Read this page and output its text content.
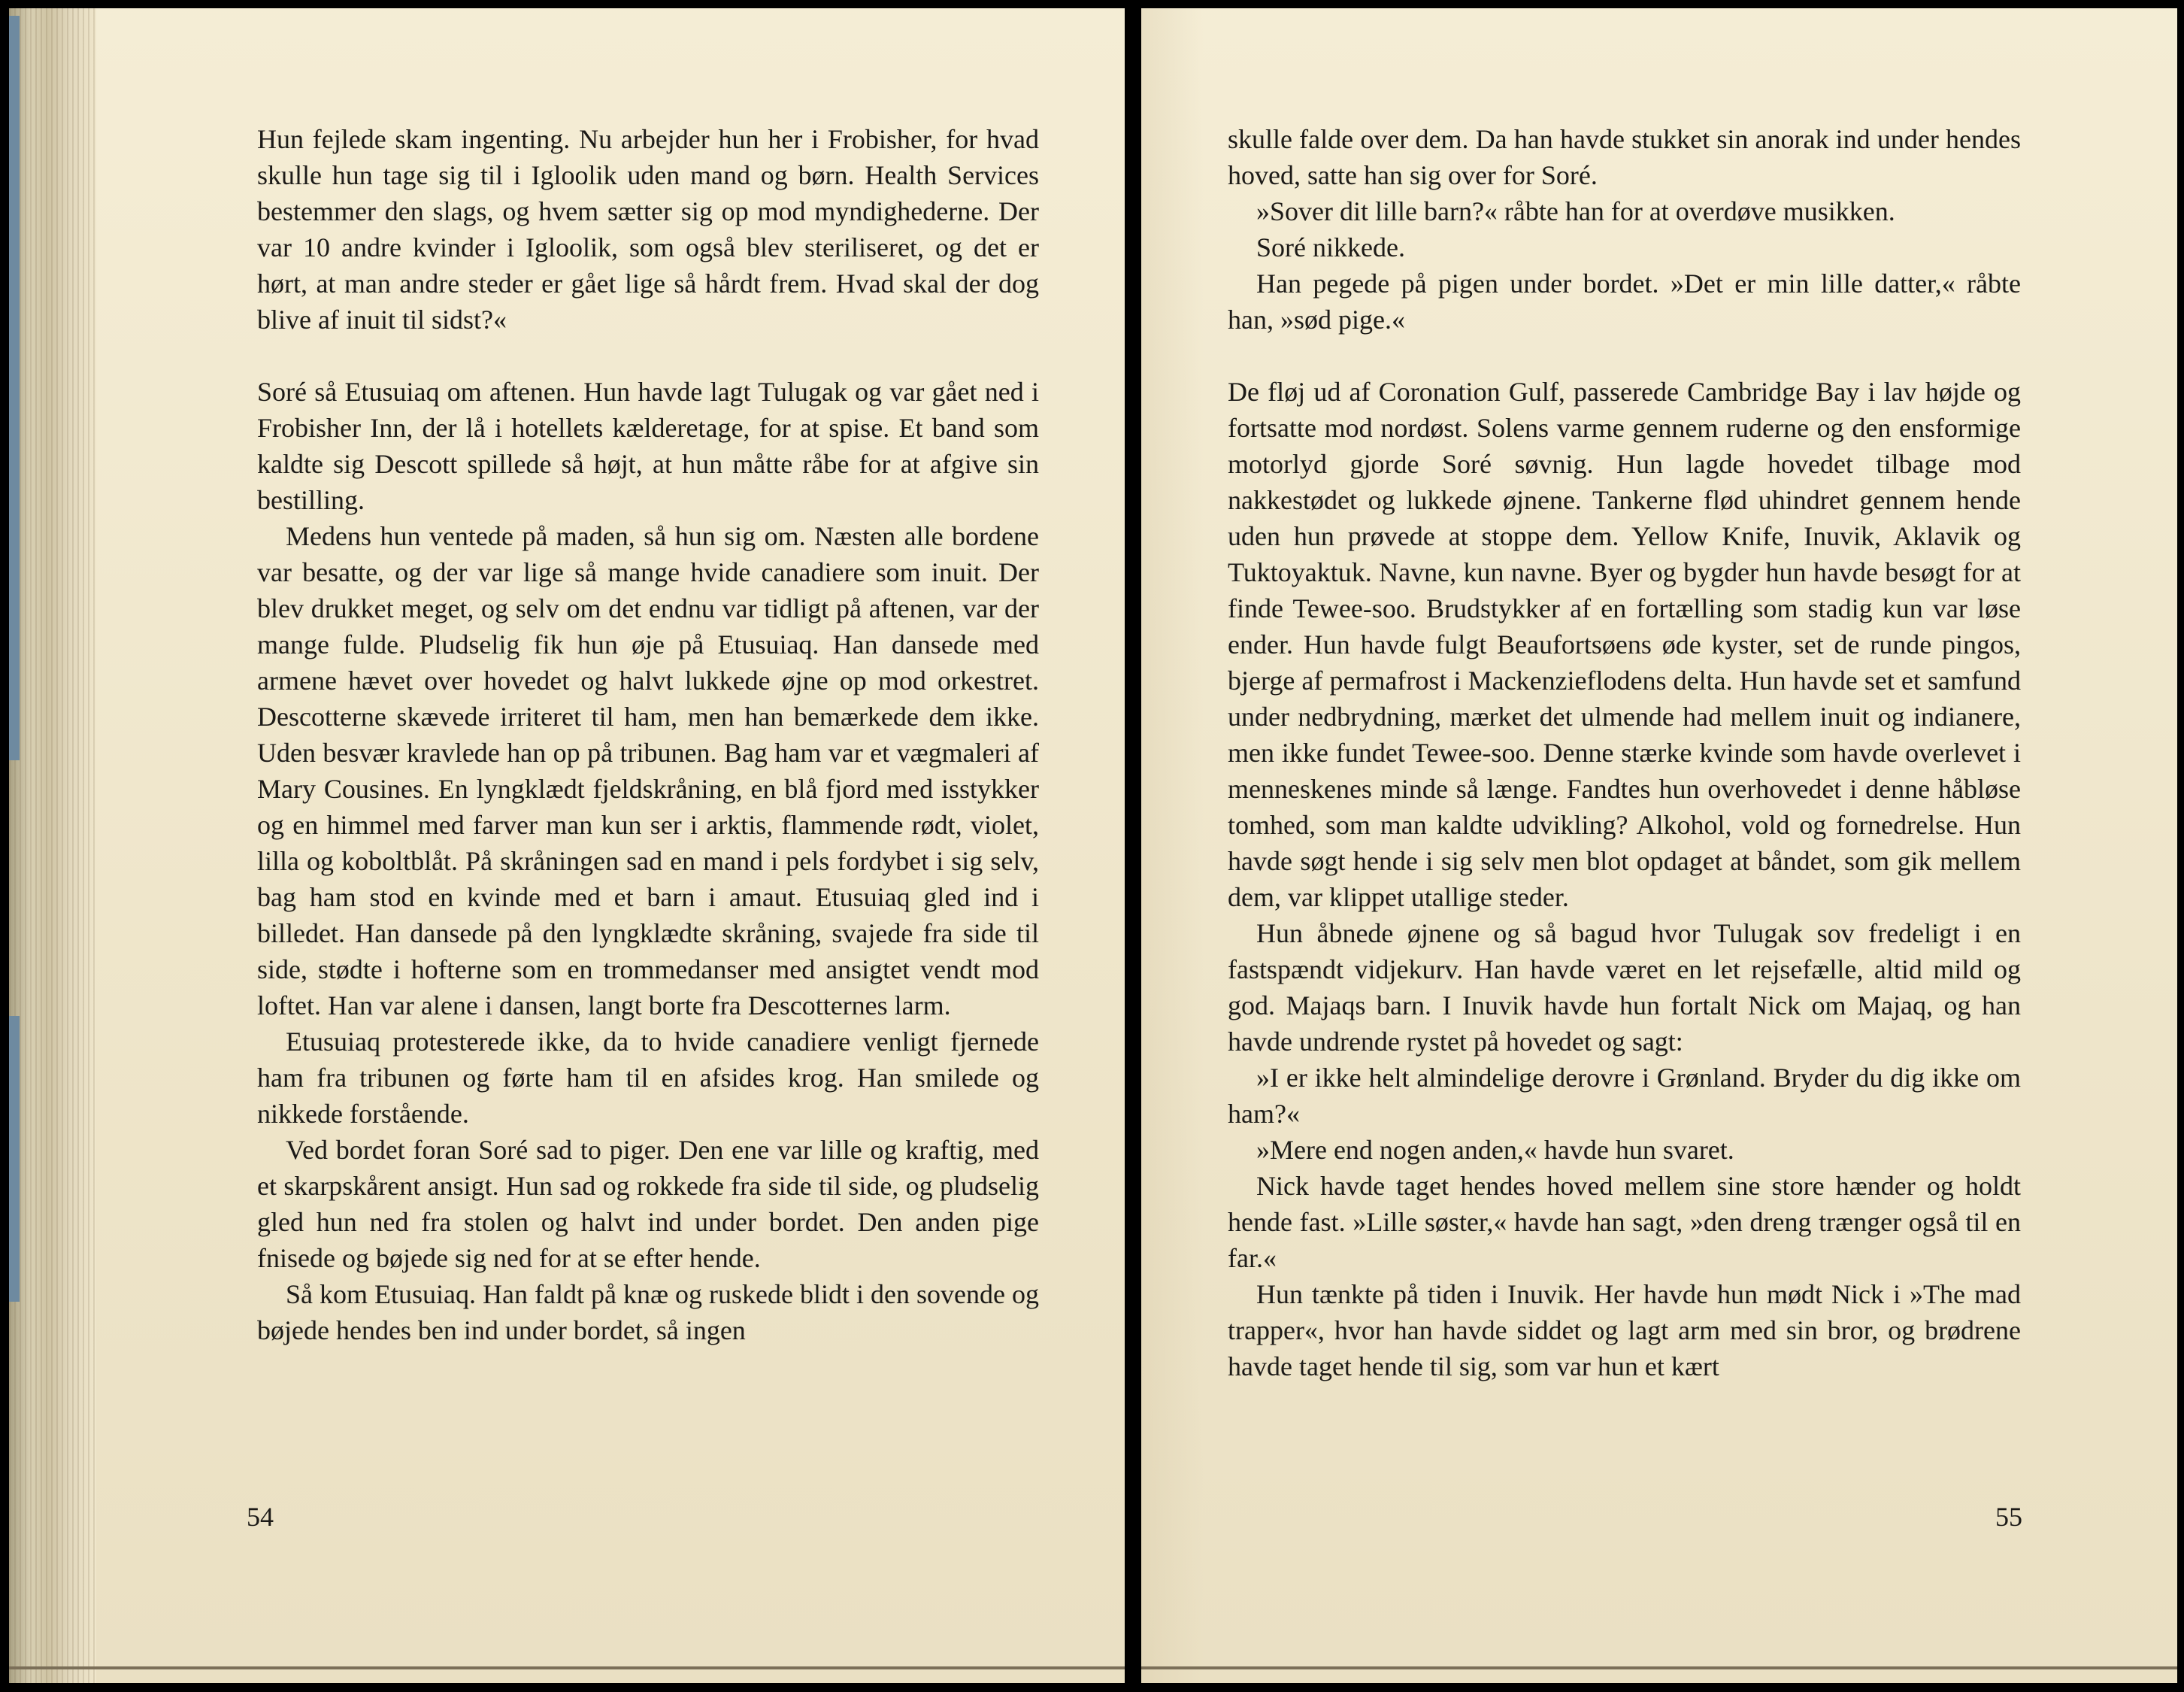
Hun fejlede skam ingenting. Nu arbejder hun her i Frobisher, for hvad skulle hun tage sig til i Igloolik uden mand og børn. Health Services bestemmer den slags, og hvem sætter sig op mod myndighederne. Der var 10 andre kvinder i Igloolik, som også blev steriliseret, og det er hørt, at man andre steder er gået lige så hårdt frem. Hvad skal der dog blive af inuit til sidst?«

Soré så Etusuiaq om aftenen. Hun havde lagt Tulugak og var gået ned i Frobisher Inn, der lå i hotellets kælderetage, for at spise. Et band som kaldte sig Descott spillede så højt, at hun måtte råbe for at afgive sin bestilling.

Medens hun ventede på maden, så hun sig om. Næsten alle bordene var besatte, og der var lige så mange hvide canadiere som inuit. Der blev drukket meget, og selv om det endnu var tidligt på aftenen, var der mange fulde. Pludselig fik hun øje på Etusuiaq. Han dansede med armene hævet over hovedet og halvt lukkede øjne op mod orkestret. Descotterne skævede irriteret til ham, men han bemærkede dem ikke. Uden besvær kravlede han op på tribunen. Bag ham var et vægmaleri af Mary Cousines. En lyngklædt fjeldskråning, en blå fjord med isstykker og en himmel med farver man kun ser i arktis, flammende rødt, violet, lilla og koboltblåt. På skråningen sad en mand i pels fordybet i sig selv, bag ham stod en kvinde med et barn i amaut. Etusuiaq gled ind i billedet. Han dansede på den lyngklædte skråning, svajede fra side til side, stødte i hofterne som en trommedanser med ansigtet vendt mod loftet. Han var alene i dansen, langt borte fra Descotternes larm.

Etusuiaq protesterede ikke, da to hvide canadiere venligt fjernede ham fra tribunen og førte ham til en afsides krog. Han smilede og nikkede forstående.

Ved bordet foran Soré sad to piger. Den ene var lille og kraftig, med et skarpskårent ansigt. Hun sad og rokkede fra side til side, og pludselig gled hun ned fra stolen og halvt ind under bordet. Den anden pige fnisede og bøjede sig ned for at se efter hende.

Så kom Etusuiaq. Han faldt på knæ og ruskede blidt i den sovende og bøjede hendes ben ind under bordet, så ingen

54

skulle falde over dem. Da han havde stukket sin anorak ind under hendes hoved, satte han sig over for Soré.

»Sover dit lille barn?« råbte han for at overdøve musikken.

Soré nikkede.

Han pegede på pigen under bordet. »Det er min lille datter,« råbte han, »sød pige.«

De fløj ud af Coronation Gulf, passerede Cambridge Bay i lav højde og fortsatte mod nordøst. Solens varme gennem ruderne og den ensformige motorlyd gjorde Soré søvnig. Hun lagde hovedet tilbage mod nakkestødet og lukkede øjnene. Tankerne flød uhindret gennem hende uden hun prøvede at stoppe dem. Yellow Knife, Inuvik, Aklavik og Tuktoyaktuk. Navne, kun navne. Byer og bygder hun havde besøgt for at finde Tewee-soo. Brudstykker af en fortælling som stadig kun var løse ender. Hun havde fulgt Beaufortsøens øde kyster, set de runde pingos, bjerge af permafrost i Mackenzieflodens delta. Hun havde set et samfund under nedbrydning, mærket det ulmende had mellem inuit og indianere, men ikke fundet Tewee-soo. Denne stærke kvinde som havde overlevet i menneskenes minde så længe. Fandtes hun overhovedet i denne håbløse tomhed, som man kaldte udvikling? Alkohol, vold og fornedrelse. Hun havde søgt hende i sig selv men blot opdaget at båndet, som gik mellem dem, var klippet utallige steder.

Hun åbnede øjnene og så bagud hvor Tulugak sov fredeligt i en fastspændt vidjekurv. Han havde været en let rejsefælle, altid mild og god. Majaqs barn. I Inuvik havde hun fortalt Nick om Majaq, og han havde undrende rystet på hovedet og sagt:

»I er ikke helt almindelige derovre i Grønland. Bryder du dig ikke om ham?«

»Mere end nogen anden,« havde hun svaret.

Nick havde taget hendes hoved mellem sine store hænder og holdt hende fast. »Lille søster,« havde han sagt, »den dreng trænger også til en far.«

Hun tænkte på tiden i Inuvik. Her havde hun mødt Nick i »The mad trapper«, hvor han havde siddet og lagt arm med sin bror, og brødrene havde taget hende til sig, som var hun et kært

55
